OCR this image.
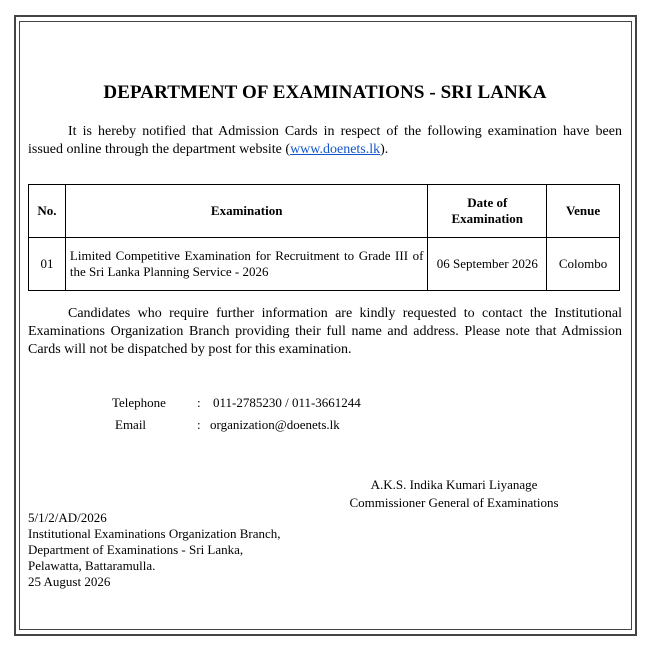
DEPARTMENT OF EXAMINATIONS - SRI LANKA
It is hereby notified that Admission Cards in respect of the following examination have been issued online through the department website (www.doenets.lk).
No.	Examination	Date of Examination	Venue
01	Limited Competitive Examination for Recruitment to Grade III of the Sri Lanka Planning Service - 2026	06 September 2026	Colombo
Candidates who require further information are kindly requested to contact the Institutional Examinations Organization Branch providing their full name and address. Please note that Admission Cards will not be dispatched by post for this examination.
Telephone	: 011-2785230 / 011-3661244
Email	: organization@doenets.lk
A.K.S. Indika Kumari Liyanage
Commissioner General of Examinations
5/1/2/AD/2026
Institutional Examinations Organization Branch,
Department of Examinations - Sri Lanka,
Pelawatta, Battaramulla.
25 August 2026
